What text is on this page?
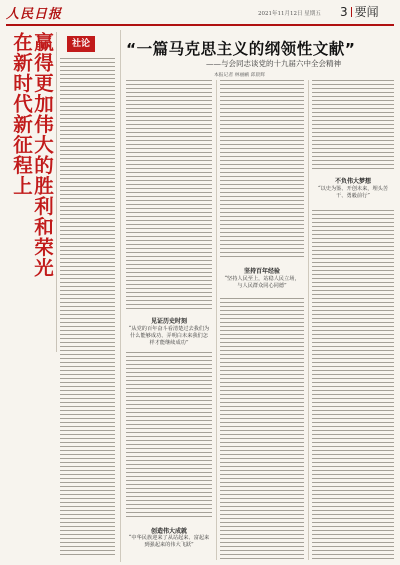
人民日报	2021年11月12日 星期五 3 要闻
在新时代新征程上
赢得更加伟大的胜利和荣光	社论	“一篇马克思主义的纲领性文献”
——与会同志谈党的十九届六中全会精神
本报记者 林丽鹂 邱晨辉
见证历史时刻
“从党的百年奋斗看清楚过去我们为什么能够成功、弄明白未来我们怎样才能继续成功”
创造伟大成就
“中华民族迎来了从站起来、富起来到强起来的伟大飞跃”
坚持百年经验
“坚持人民至上，站稳人民立场，与人民群众同心同德”
不负伟大梦想
“以史为鉴、开创未来，埋头苦干、勇毅前行”
